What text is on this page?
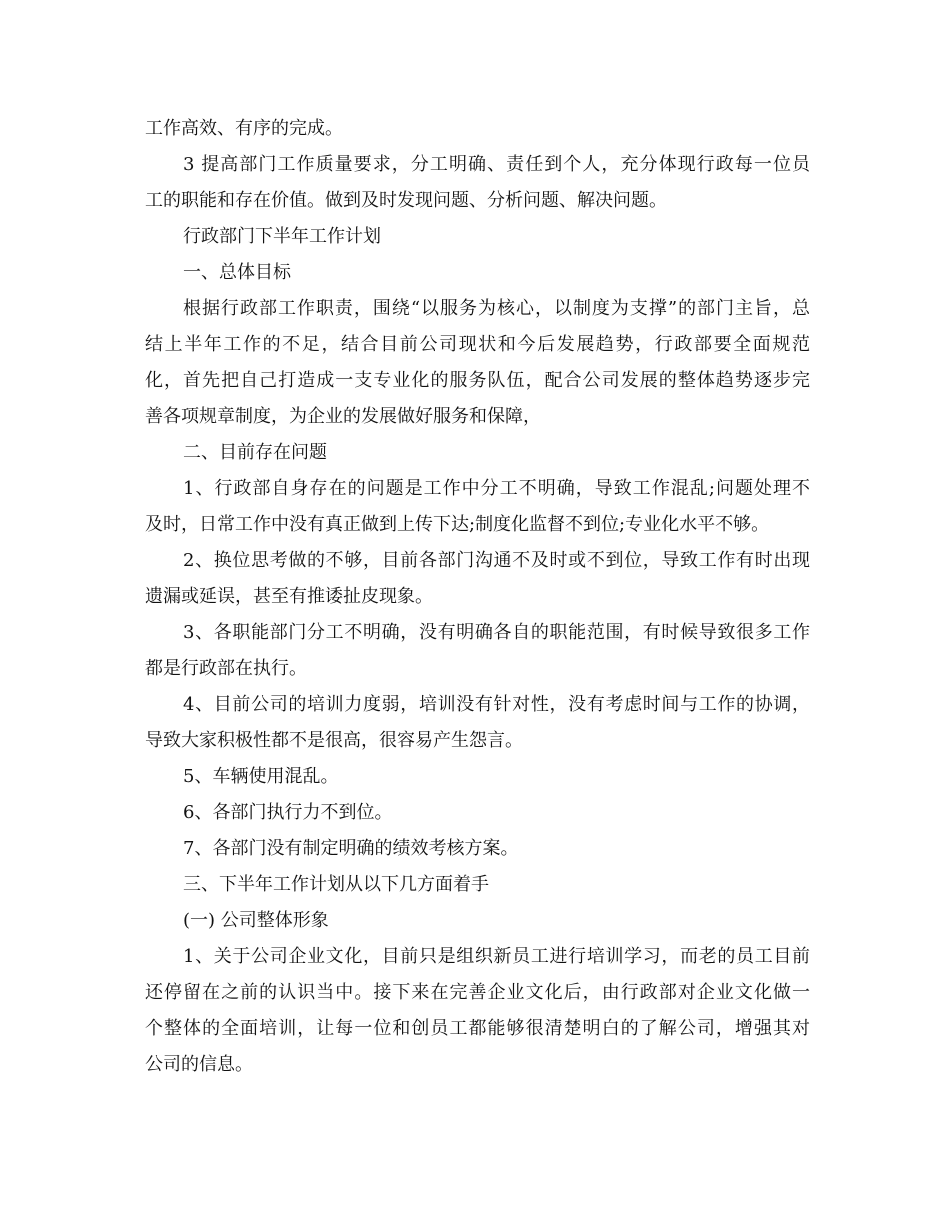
工作高效、有序的完成。
3 提高部门工作质量要求，分工明确、责任到个人，充分体现行政每一位员
工的职能和存在价值。做到及时发现问题、分析问题、解决问题。
行政部门下半年工作计划
一、总体目标
根据行政部工作职责，围绕“以服务为核心，以制度为支撑”的部门主旨，总
结上半年工作的不足，结合目前公司现状和今后发展趋势，行政部要全面规范
化，首先把自己打造成一支专业化的服务队伍，配合公司发展的整体趋势逐步完
善各项规章制度，为企业的发展做好服务和保障，
二、目前存在问题
1、行政部自身存在的问题是工作中分工不明确，导致工作混乱;问题处理不
及时，日常工作中没有真正做到上传下达;制度化监督不到位;专业化水平不够。
2、换位思考做的不够，目前各部门沟通不及时或不到位，导致工作有时出现
遗漏或延误，甚至有推诿扯皮现象。
3、各职能部门分工不明确，没有明确各自的职能范围，有时候导致很多工作
都是行政部在执行。
4、目前公司的培训力度弱，培训没有针对性，没有考虑时间与工作的协调，
导致大家积极性都不是很高，很容易产生怨言。
5、车辆使用混乱。
6、各部门执行力不到位。
7、各部门没有制定明确的绩效考核方案。
三、下半年工作计划从以下几方面着手
(一) 公司整体形象
1、关于公司企业文化，目前只是组织新员工进行培训学习，而老的员工目前
还停留在之前的认识当中。接下来在完善企业文化后，由行政部对企业文化做一
个整体的全面培训，让每一位和创员工都能够很清楚明白的了解公司，增强其对
公司的信息。
